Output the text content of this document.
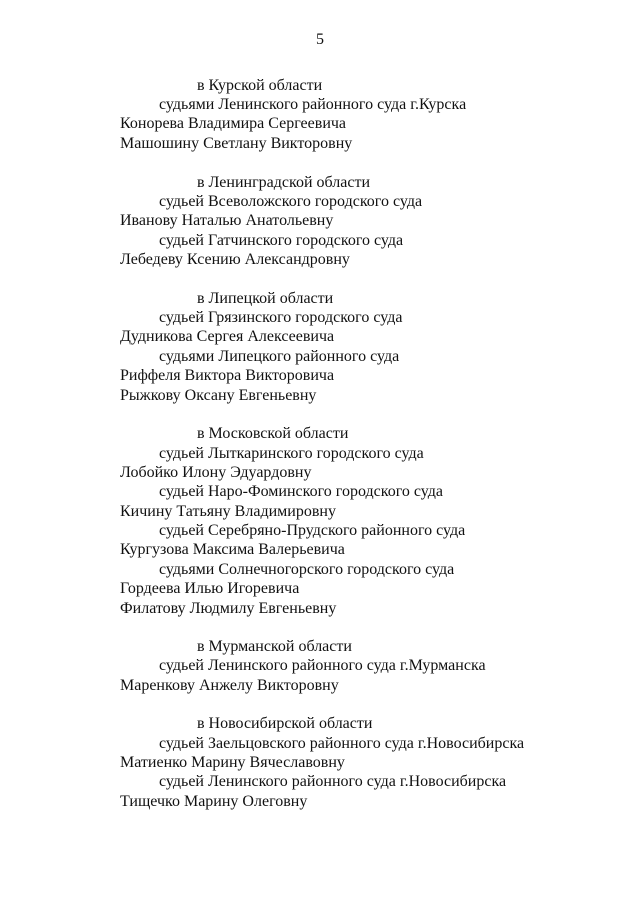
5
в Курской области
судьями Ленинского районного суда г.Курска
Конорева Владимира Сергеевича
Машошину Светлану Викторовну
в Ленинградской области
судьей Всеволожского городского суда
Иванову Наталью Анатольевну
судьей Гатчинского городского суда
Лебедеву Ксению Александровну
в Липецкой области
судьей Грязинского городского суда
Дудникова Сергея Алексеевича
судьями Липецкого районного суда
Риффеля Виктора Викторовича
Рыжкову Оксану Евгеньевну
в Московской области
судьей Лыткаринского городского суда
Лобойко Илону Эдуардовну
судьей Наро-Фоминского городского суда
Кичину Татьяну Владимировну
судьей Серебряно-Прудского районного суда
Кургузова Максима Валерьевича
судьями Солнечногорского городского суда
Гордеева Илью Игоревича
Филатову Людмилу Евгеньевну
в Мурманской области
судьей Ленинского районного суда г.Мурманска
Маренкову Анжелу Викторовну
в Новосибирской области
судьей Заельцовского районного суда г.Новосибирска
Матиенко Марину Вячеславовну
судьей Ленинского районного суда г.Новосибирска
Тищечко Марину Олеговну
